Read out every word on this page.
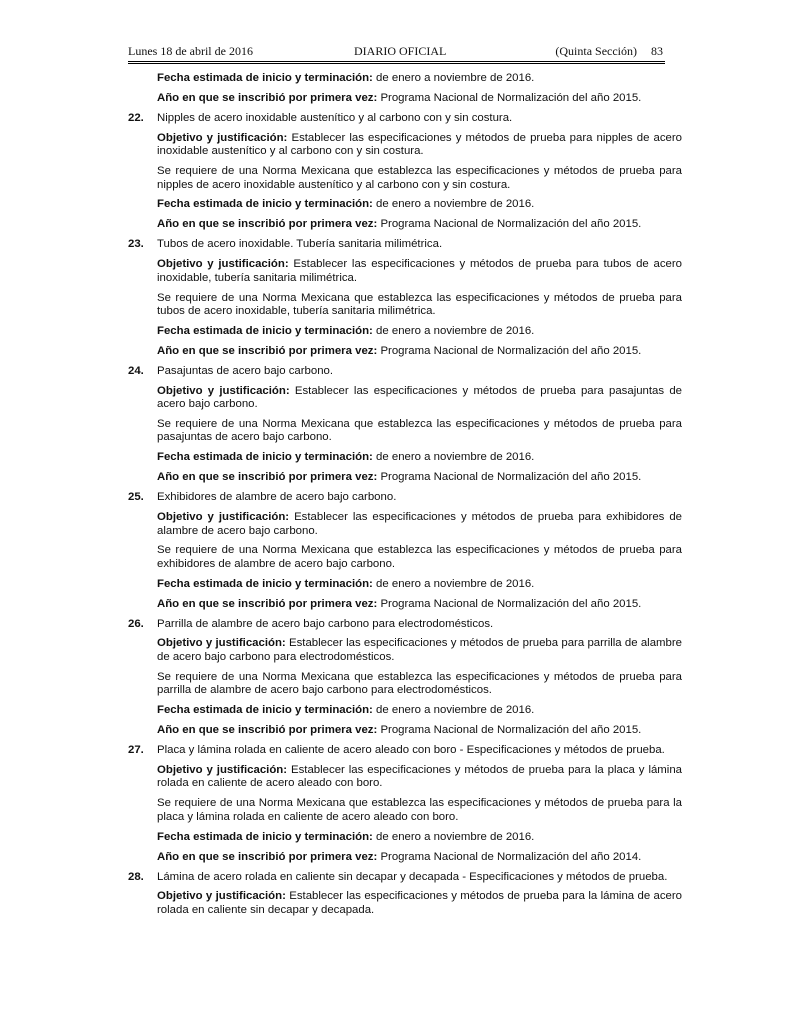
Lunes 18 de abril de 2016	DIARIO OFICIAL	(Quinta Sección) 83
Fecha estimada de inicio y terminación: de enero a noviembre de 2016.
Año en que se inscribió por primera vez: Programa Nacional de Normalización del año 2015.
22.	Nipples de acero inoxidable austenítico y al carbono con y sin costura.
Objetivo y justificación: Establecer las especificaciones y métodos de prueba para nipples de acero inoxidable austenítico y al carbono con y sin costura.
Se requiere de una Norma Mexicana que establezca las especificaciones y métodos de prueba para nipples de acero inoxidable austenítico y al carbono con y sin costura.
Fecha estimada de inicio y terminación: de enero a noviembre de 2016.
Año en que se inscribió por primera vez: Programa Nacional de Normalización del año 2015.
23.	Tubos de acero inoxidable. Tubería sanitaria milimétrica.
Objetivo y justificación: Establecer las especificaciones y métodos de prueba para tubos de acero inoxidable, tubería sanitaria milimétrica.
Se requiere de una Norma Mexicana que establezca las especificaciones y métodos de prueba para tubos de acero inoxidable, tubería sanitaria milimétrica.
Fecha estimada de inicio y terminación: de enero a noviembre de 2016.
Año en que se inscribió por primera vez: Programa Nacional de Normalización del año 2015.
24.	Pasajuntas de acero bajo carbono.
Objetivo y justificación: Establecer las especificaciones y métodos de prueba para pasajuntas de acero bajo carbono.
Se requiere de una Norma Mexicana que establezca las especificaciones y métodos de prueba para pasajuntas de acero bajo carbono.
Fecha estimada de inicio y terminación: de enero a noviembre de 2016.
Año en que se inscribió por primera vez: Programa Nacional de Normalización del año 2015.
25.	Exhibidores de alambre de acero bajo carbono.
Objetivo y justificación: Establecer las especificaciones y métodos de prueba para exhibidores de alambre de acero bajo carbono.
Se requiere de una Norma Mexicana que establezca las especificaciones y métodos de prueba para exhibidores de alambre de acero bajo carbono.
Fecha estimada de inicio y terminación: de enero a noviembre de 2016.
Año en que se inscribió por primera vez: Programa Nacional de Normalización del año 2015.
26.	Parrilla de alambre de acero bajo carbono para electrodomésticos.
Objetivo y justificación: Establecer las especificaciones y métodos de prueba para parrilla de alambre de acero bajo carbono para electrodomésticos.
Se requiere de una Norma Mexicana que establezca las especificaciones y métodos de prueba para parrilla de alambre de acero bajo carbono para electrodomésticos.
Fecha estimada de inicio y terminación: de enero a noviembre de 2016.
Año en que se inscribió por primera vez: Programa Nacional de Normalización del año 2015.
27.	Placa y lámina rolada en caliente de acero aleado con boro - Especificaciones y métodos de prueba.
Objetivo y justificación: Establecer las especificaciones y métodos de prueba para la placa y lámina rolada en caliente de acero aleado con boro.
Se requiere de una Norma Mexicana que establezca las especificaciones y métodos de prueba para la placa y lámina rolada en caliente de acero aleado con boro.
Fecha estimada de inicio y terminación: de enero a noviembre de 2016.
Año en que se inscribió por primera vez: Programa Nacional de Normalización del año 2014.
28.	Lámina de acero rolada en caliente sin decapar y decapada - Especificaciones y métodos de prueba.
Objetivo y justificación: Establecer las especificaciones y métodos de prueba para la lámina de acero rolada en caliente sin decapar y decapada.
